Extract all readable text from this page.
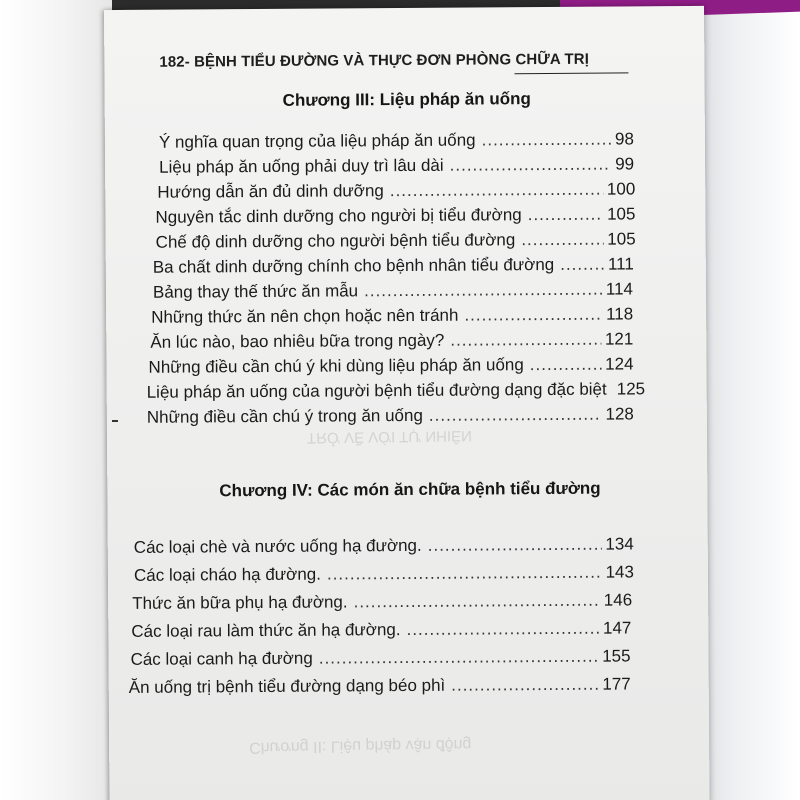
TRỞ VỀ VỚI TỰ NHIÊN
Chương II: Liệu pháp vận động
182- BỆNH TIỂU ĐƯỜNG VÀ THỰC ĐƠN PHÒNG CHỮA TRỊ
Chương III: Liệu pháp ăn uống
Ý nghĩa quan trọng của liệu pháp ăn uống .....	98
Liệu pháp ăn uống phải duy trì lâu dài .....	99
Hướng dẫn ăn đủ dinh dưỡng .....	100
Nguyên tắc dinh dưỡng cho người bị tiểu đường .....	105
Chế độ dinh dưỡng cho người bệnh tiểu đường .....	105
Ba chất dinh dưỡng chính cho bệnh nhân tiểu đường .....	111
Bảng thay thế thức ăn mẫu .....	114
Những thức ăn nên chọn hoặc nên tránh .....	118
Ăn lúc nào, bao nhiêu bữa trong ngày? .....	121
Những điều cần chú ý khi dùng liệu pháp ăn uống .....	124
Liệu pháp ăn uống của người bệnh tiểu đường dạng đặc biệt ..... 125
Những điều cần chú ý trong ăn uống .....	128
Chương IV: Các món ăn chữa bệnh tiểu đường
Các loại chè và nước uống hạ đường. .....	134
Các loại cháo hạ đường. .....	143
Thức ăn bữa phụ hạ đường. .....	146
Các loại rau làm thức ăn hạ đường. .....	147
Các loại canh hạ đường .....	155
Ăn uống trị bệnh tiểu đường dạng béo phì .....	177
